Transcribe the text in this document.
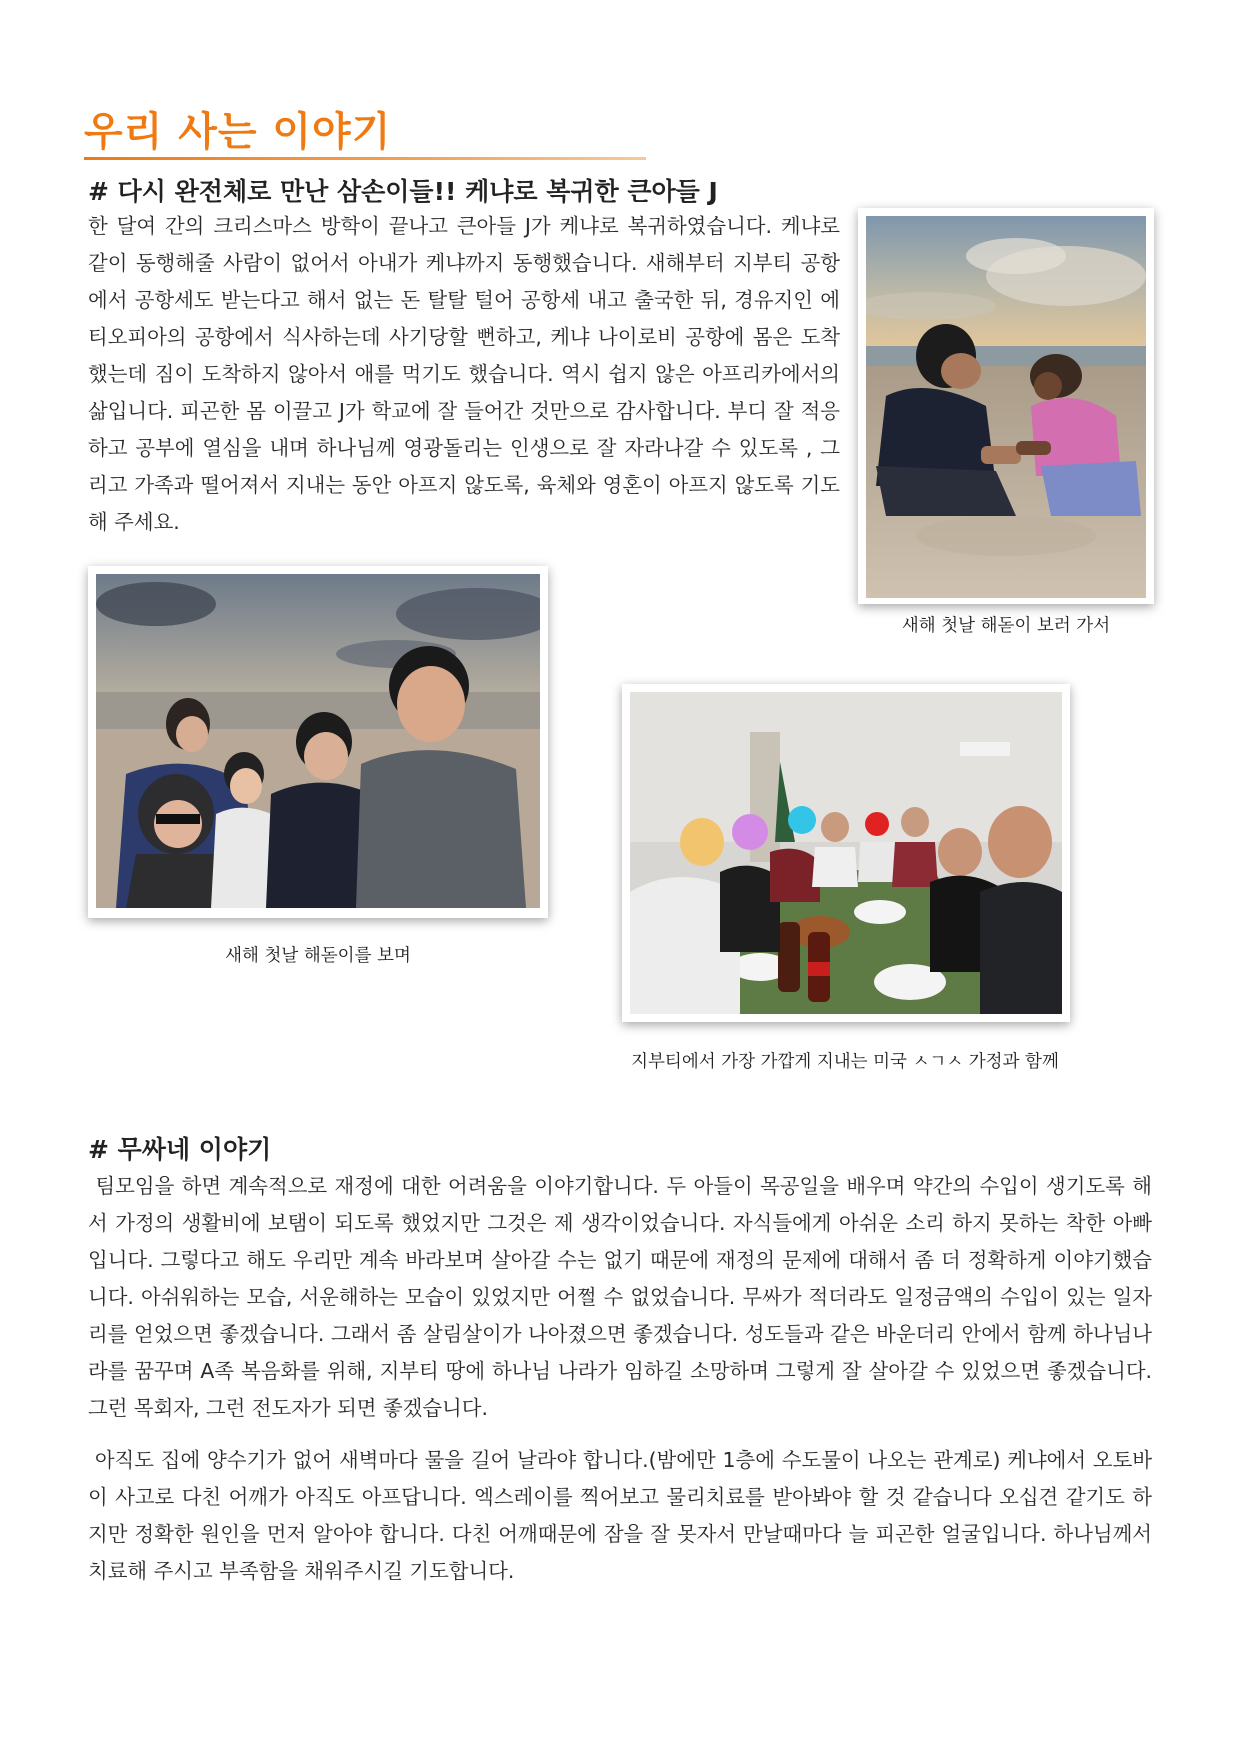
우리 사는 이야기
# 다시 완전체로 만난 삼손이들!! 케냐로 복귀한 큰아들 J

한 달여 간의 크리스마스 방학이 끝나고 큰아들 J가 케냐로 복귀하였습니다. 케냐로 같이 동행해줄 사람이 없어서 아내가 케냐까지 동행했습니다. 새해부터 지부티 공항에서 공항세도 받는다고 해서 없는 돈 탈탈 털어 공항세 내고 출국한 뒤, 경유지인 에티오피아의 공항에서 식사하는데 사기당할 뻔하고, 케냐 나이로비 공항에 몸은 도착했는데 짐이 도착하지 않아서 애를 먹기도 했습니다. 역시 쉽지 않은 아프리카에서의 삶입니다. 피곤한 몸 이끌고 J가 학교에 잘 들어간 것만으로 감사합니다. 부디 잘 적응하고 공부에 열심을 내며 하나님께 영광돌리는 인생으로 잘 자라나갈 수 있도록 , 그리고 가족과 떨어져서 지내는 동안 아프지 않도록, 육체와 영혼이 아프지 않도록 기도해 주세요.

새해 첫날 해돋이 보러 가서

새해 첫날 해돋이를 보며

지부티에서 가장 가깝게 지내는 미국 ㅅㄱㅅ 가정과 함께

# 무싸네 이야기

팀모임을 하면 계속적으로 재정에 대한 어려움을 이야기합니다. 두 아들이 목공일을 배우며 약간의 수입이 생기도록 해서 가정의 생활비에 보탬이 되도록 했었지만 그것은 제 생각이었습니다. 자식들에게 아쉬운 소리 하지 못하는 착한 아빠입니다. 그렇다고 해도 우리만 계속 바라보며 살아갈 수는 없기 때문에 재정의 문제에 대해서 좀 더 정확하게 이야기했습니다. 아쉬워하는 모습, 서운해하는 모습이 있었지만 어쩔 수 없었습니다. 무싸가 적더라도 일정금액의 수입이 있는 일자리를 얻었으면 좋겠습니다. 그래서 좀 살림살이가 나아졌으면 좋겠습니다. 성도들과 같은 바운더리 안에서 함께 하나님나라를 꿈꾸며 A족 복음화를 위해, 지부티 땅에 하나님 나라가 임하길 소망하며 그렇게 잘 살아갈 수 있었으면 좋겠습니다. 그런 목회자, 그런 전도자가 되면 좋겠습니다.

아직도 집에 양수기가 없어 새벽마다 물을 길어 날라야 합니다.(밤에만 1층에 수도물이 나오는 관계로) 케냐에서 오토바이 사고로 다친 어깨가 아직도 아프답니다. 엑스레이를 찍어보고 물리치료를 받아봐야 할 것 같습니다 오십견 같기도 하지만 정확한 원인을 먼저 알아야 합니다. 다친 어깨때문에 잠을 잘 못자서 만날때마다 늘 피곤한 얼굴입니다. 하나님께서 치료해 주시고 부족함을 채워주시길 기도합니다.
